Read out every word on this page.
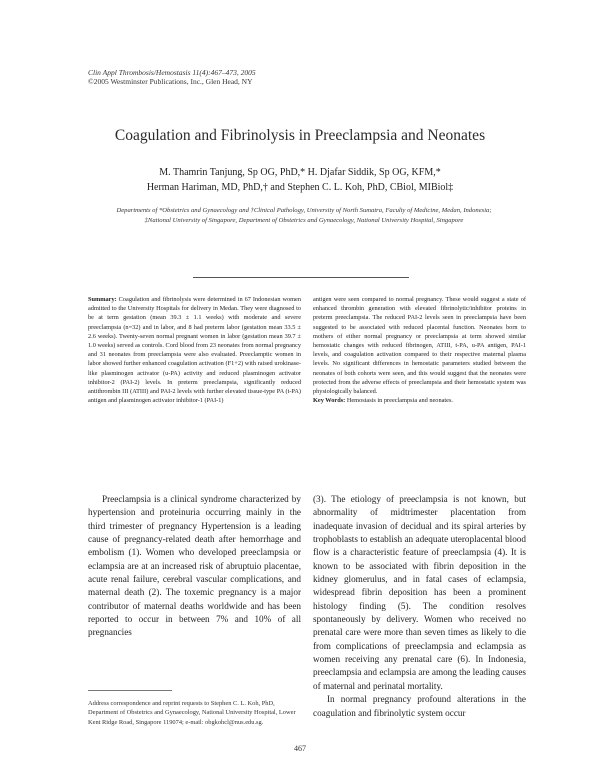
Clin Appl Thrombosis/Hemostasis 11(4):467–473, 2005
©2005 Westminster Publications, Inc., Glen Head, NY
Coagulation and Fibrinolysis in Preeclampsia and Neonates
M. Thamrin Tanjung, Sp OG, PhD,* H. Djafar Siddik, Sp OG, KFM,*
Herman Hariman, MD, PhD,† and Stephen C. L. Koh, PhD, CBiol, MIBiol‡
Departments of *Obstetrics and Gynaecology and †Clinical Pathology, University of North Sumatra, Faculty of Medicine, Medan, Indonesia; ‡National University of Singapore, Department of Obstetrics and Gynaecology, National University Hospital, Singapore
Summary: Coagulation and fibrinolysis were determined in 67 Indonesian women admitted to the University Hospitals for delivery in Medan. They were diagnosed to be at term gestation (mean 39.3 ± 1.1 weeks) with moderate and severe preeclampsia (n=32) and in labor, and 8 had preterm labor (gestation mean 33.5 ± 2.6 weeks). Twenty-seven normal pregnant women in labor (gestation mean 39.7 ± 1.0 weeks) served as controls. Cord blood from 23 neonates from normal pregnancy and 31 neonates from preeclampsia were also evaluated. Preeclamptic women in labor showed further enhanced coagulation activation (F1+2) with raised urokinase-like plasminogen activator (u-PA) activity and reduced plasminogen activator inhibitor-2 (PAI-2) levels. In preterm preeclampsia, significantly reduced antithrombin III (ATIII) and PAI-2 levels with further elevated tissue-type PA (t-PA) antigen and plasminogen activator inhibitor-1 (PAI-1)
antigen were seen compared to normal pregnancy. These would suggest a state of enhanced thrombin generation with elevated fibrinolytic/inhibitor proteins in preterm preeclampsia. The reduced PAI-2 levels seen in preeclampsia have been suggested to be associated with reduced placental function. Neonates born to mothers of either normal pregnancy or preeclampsia at term showed similar hemostatic changes with reduced fibrinogen, ATIII, t-PA, u-PA antigen, PAI-1 levels, and coagulation activation compared to their respective maternal plasma levels. No significant differences in hemostatic parameters studied between the neonates of both cohorts were seen, and this would suggest that the neonates were protected from the adverse effects of preeclampsia and their hemostatic system was physiologically balanced.
Key Words: Hemostasis in preeclampsia and neonates.
Preeclampsia is a clinical syndrome characterized by hypertension and proteinuria occurring mainly in the third trimester of pregnancy Hypertension is a leading cause of pregnancy-related death after hemorrhage and embolism (1). Women who developed preeclampsia or eclampsia are at an increased risk of abruptuio placentae, acute renal failure, cerebral vascular complications, and maternal death (2). The toxemic pregnancy is a major contributor of maternal deaths worldwide and has been reported to occur in between 7% and 10% of all pregnancies

(3). The etiology of preeclampsia is not known, but abnormality of midtrimester placentation from inadequate invasion of decidual and its spiral arteries by trophoblasts to establish an adequate uteroplacental blood flow is a characteristic feature of preeclampsia (4). It is known to be associated with fibrin deposition in the kidney glomerulus, and in fatal cases of eclampsia, widespread fibrin deposition has been a prominent histology finding (5). The condition resolves spontaneously by delivery. Women who received no prenatal care were more than seven times as likely to die from complications of preeclampsia and eclampsia as women receiving any prenatal care (6). In Indonesia, preeclampsia and eclampsia are among the leading causes of maternal and perinatal mortality.

In normal pregnancy profound alterations in the coagulation and fibrinolytic system occur

Address correspondence and reprint requests to Stephen C. L. Koh, PhD, Department of Obstetrics and Gynaecology, National University Hospital, Lower Kent Ridge Road, Singapore 119074; e-mail: obgkohcl@nus.edu.sg.
467
